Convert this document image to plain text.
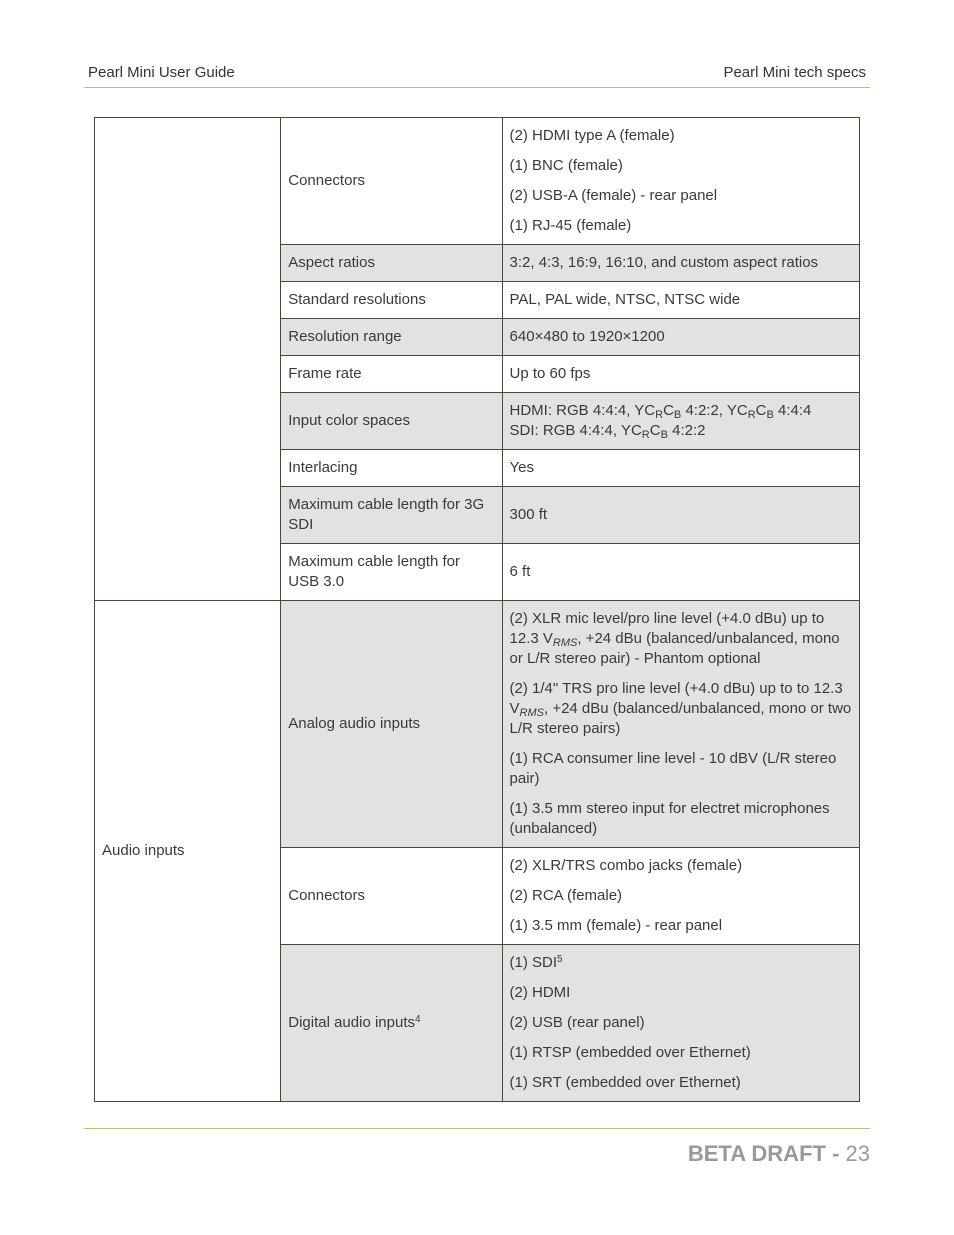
Pearl Mini User Guide	Pearl Mini tech specs
	Connectors	(2) HDMI type A (female)
(1) BNC (female)
(2) USB-A (female) - rear panel
(1) RJ-45 (female)

	Aspect ratios	3:2, 4:3, 16:9, 16:10, and custom aspect ratios
	Standard resolutions	PAL, PAL wide, NTSC, NTSC wide
	Resolution range	640×480 to 1920×1200
	Frame rate	Up to 60 fps
	Input color spaces	HDMI: RGB 4:4:4, $YC_RC_B$ 4:2:2, $YC_RC_B$ 4:4:4
SDI: RGB 4:4:4, $YC_RC_B$ 4:2:2
	Interlacing	Yes
	Maximum cable length for 3G SDI	300 ft
	Maximum cable length for USB 3.0	6 ft
Audio inputs	Analog audio inputs	(2) XLR mic level/pro line level (+4.0 dBu) up to 12.3 $V_{RMS}$, +24 dBu (balanced/unbalanced, mono or L/R stereo pair) - Phantom optional
(2) 1/4" TRS pro line level (+4.0 dBu) up to to 12.3 $V_{RMS}$, +24 dBu (balanced/unbalanced, mono or two L/R stereo pairs)
(1) RCA consumer line level - 10 dBV (L/R stereo pair)
(1) 3.5 mm stereo input for electret microphones (unbalanced)

	Connectors	(2) XLR/TRS combo jacks (female)
(2) RCA (female)
(1) 3.5 mm (female) - rear panel

	Digital audio inputs$^4$	(1) SDI$^5$
(2) HDMI
(2) USB (rear panel)
(1) RTSP (embedded over Ethernet)
(1) SRT (embedded over Ethernet)
BETA DRAFT - 23
